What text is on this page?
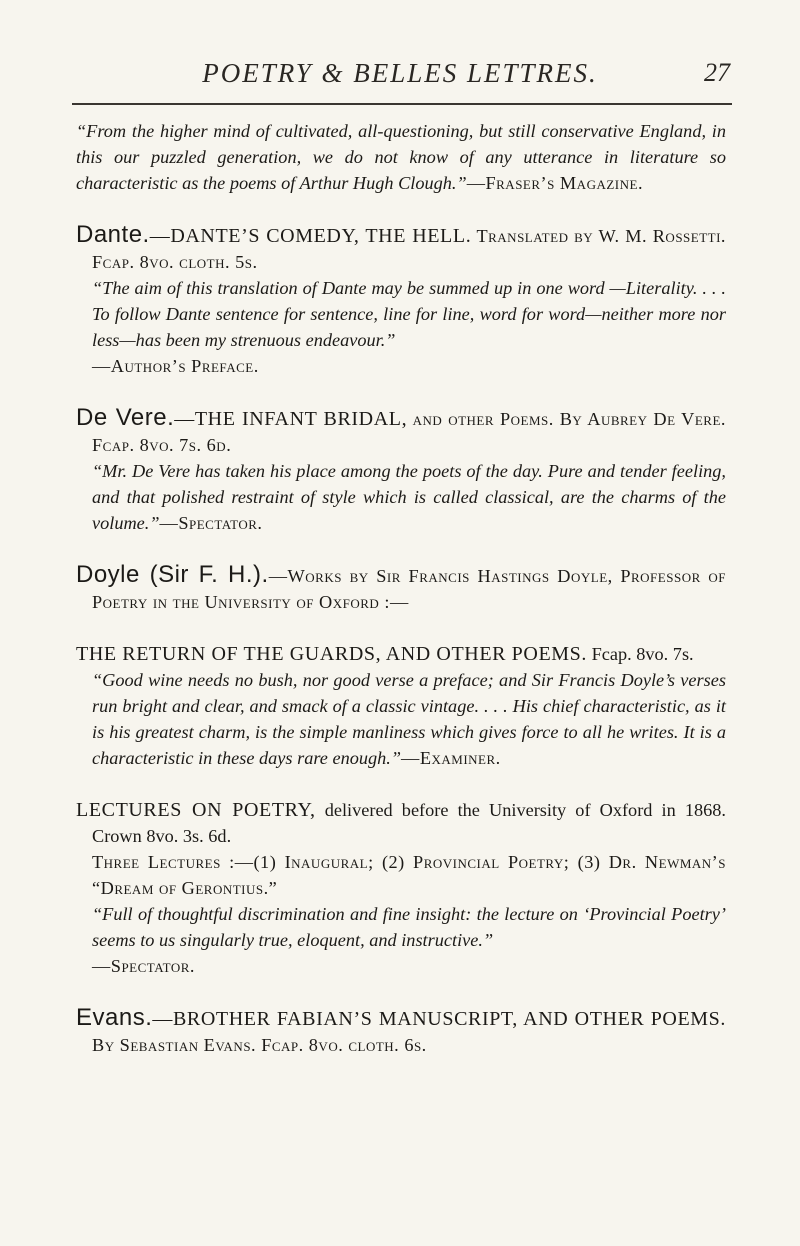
POETRY & BELLES LETTRES.	27

“From the higher mind of cultivated, all-questioning, but still conservative England, in this our puzzled generation, we do not know of any utterance in literature so characteristic as the poems of Arthur Hugh Clough.”—Fraser’s Magazine.

Dante.—DANTE’S COMEDY, THE HELL. Translated by W. M. Rossetti. Fcap. 8vo. cloth. 5s.

“The aim of this translation of Dante may be summed up in one word —Literality. . . . To follow Dante sentence for sentence, line for line, word for word—neither more nor less—has been my strenuous endeavour.”
—Author’s Preface.

De Vere.—THE INFANT BRIDAL, and other Poems. By Aubrey De Vere. Fcap. 8vo. 7s. 6d.

“Mr. De Vere has taken his place among the poets of the day. Pure and tender feeling, and that polished restraint of style which is called classical, are the charms of the volume.”—Spectator.

Doyle (Sir F. H.).—Works by Sir Francis Hastings Doyle, Professor of Poetry in the University of Oxford :—

THE RETURN OF THE GUARDS, AND OTHER POEMS. Fcap. 8vo. 7s.

“Good wine needs no bush, nor good verse a preface; and Sir Francis Doyle’s verses run bright and clear, and smack of a classic vintage. . . . His chief characteristic, as it is his greatest charm, is the simple manliness which gives force to all he writes. It is a characteristic in these days rare enough.”—Examiner.

LECTURES ON POETRY, delivered before the University of Oxford in 1868. Crown 8vo. 3s. 6d.

Three Lectures :—(1) Inaugural; (2) Provincial Poetry; (3) Dr. Newman’s “Dream of Gerontius.”

“Full of thoughtful discrimination and fine insight: the lecture on ‘Provincial Poetry’ seems to us singularly true, eloquent, and instructive.”
—Spectator.

Evans.—BROTHER FABIAN’S MANUSCRIPT, AND OTHER POEMS. By Sebastian Evans. Fcap. 8vo. cloth. 6s.
